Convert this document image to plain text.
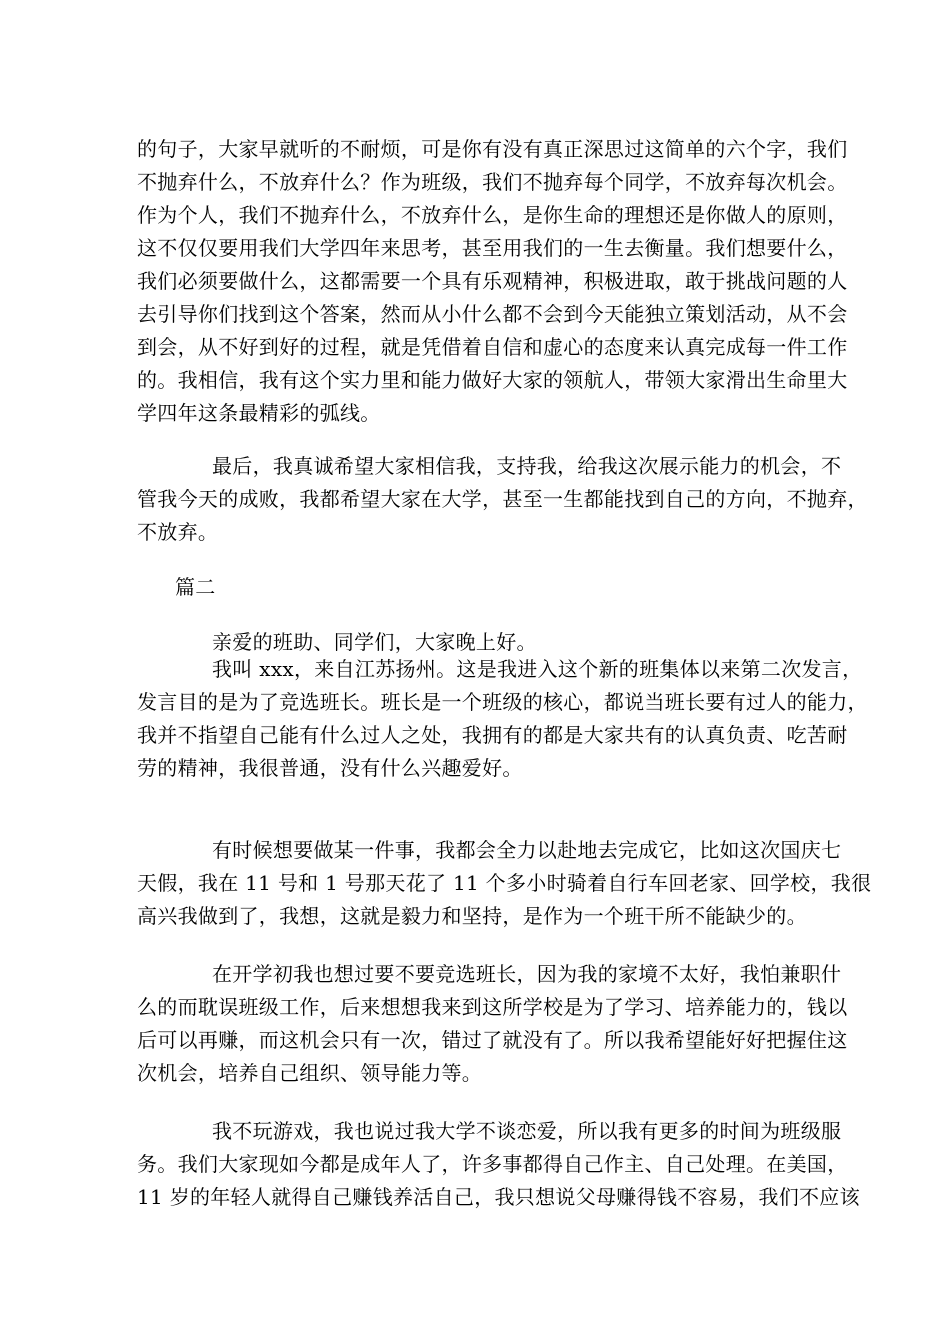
的句子，大家早就听的不耐烦，可是你有没有真正深思过这简单的六个字，我们
不抛弃什么，不放弃什么？作为班级，我们不抛弃每个同学，不放弃每次机会。
作为个人，我们不抛弃什么，不放弃什么，是你生命的理想还是你做人的原则，
这不仅仅要用我们大学四年来思考，甚至用我们的一生去衡量。我们想要什么，
我们必须要做什么，这都需要一个具有乐观精神，积极进取，敢于挑战问题的人
去引导你们找到这个答案，然而从小什么都不会到今天能独立策划活动，从不会
到会，从不好到好的过程，就是凭借着自信和虚心的态度来认真完成每一件工作
的。我相信，我有这个实力里和能力做好大家的领航人，带领大家滑出生命里大
学四年这条最精彩的弧线。
最后，我真诚希望大家相信我，支持我，给我这次展示能力的机会，不
管我今天的成败，我都希望大家在大学，甚至一生都能找到自己的方向，不抛弃，
不放弃。
篇二
亲爱的班助、同学们，大家晚上好。
我叫 xxx，来自江苏扬州。这是我进入这个新的班集体以来第二次发言，
发言目的是为了竞选班长。班长是一个班级的核心，都说当班长要有过人的能力，
我并不指望自己能有什么过人之处，我拥有的都是大家共有的认真负责、吃苦耐
劳的精神，我很普通，没有什么兴趣爱好。
有时候想要做某一件事，我都会全力以赴地去完成它，比如这次国庆七
天假，我在 11 号和 1 号那天花了 11 个多小时骑着自行车回老家、回学校，我很
高兴我做到了，我想，这就是毅力和坚持，是作为一个班干所不能缺少的。
在开学初我也想过要不要竞选班长，因为我的家境不太好，我怕兼职什
么的而耽误班级工作，后来想想我来到这所学校是为了学习、培养能力的，钱以
后可以再赚，而这机会只有一次，错过了就没有了。所以我希望能好好把握住这
次机会，培养自己组织、领导能力等。
我不玩游戏，我也说过我大学不谈恋爱，所以我有更多的时间为班级服
务。我们大家现如今都是成年人了，许多事都得自己作主、自己处理。在美国，
11 岁的年轻人就得自己赚钱养活自己，我只想说父母赚得钱不容易，我们不应该
